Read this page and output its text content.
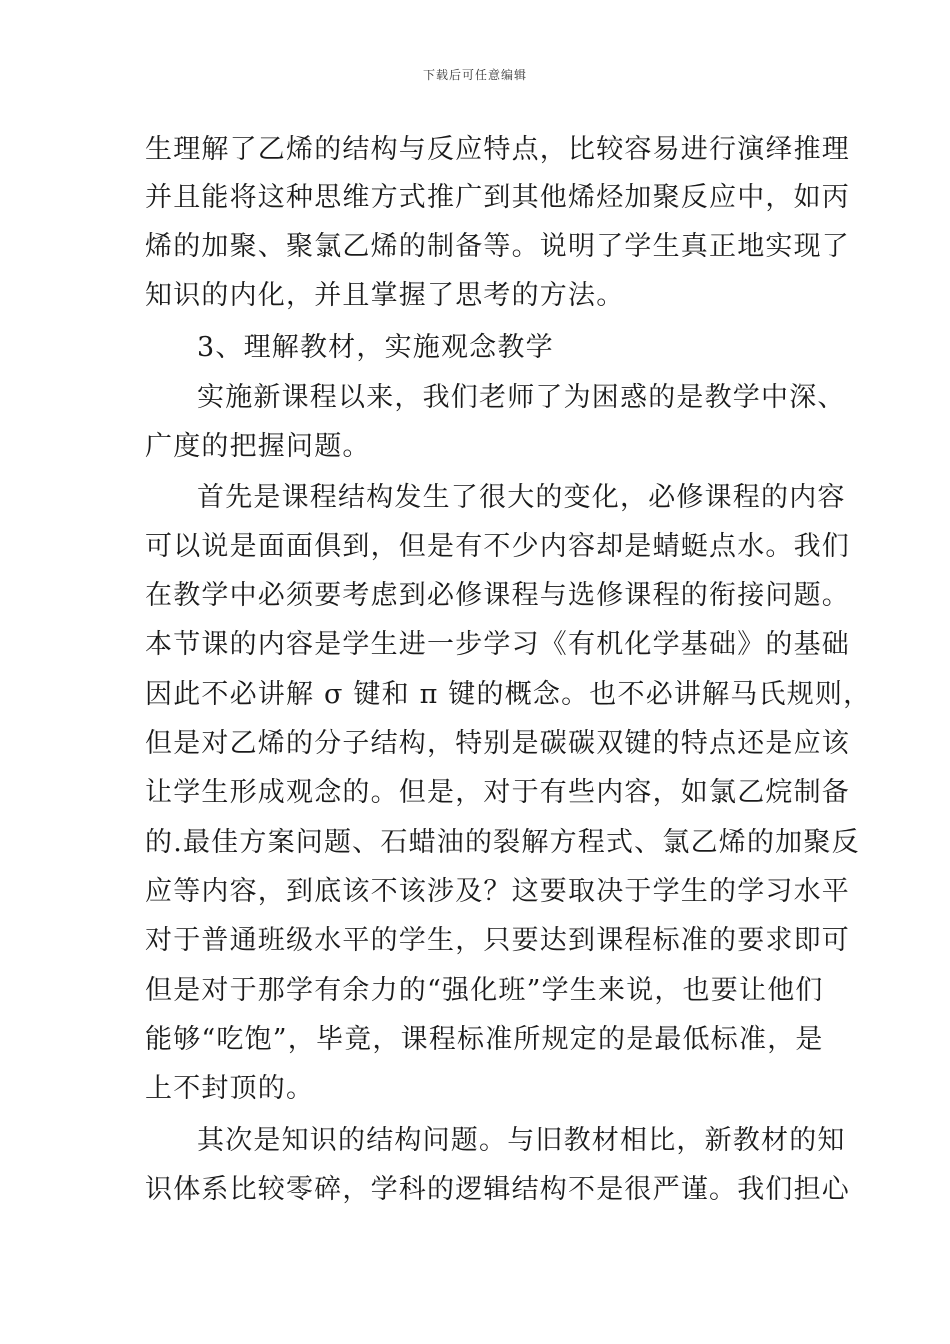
下载后可任意编辑
生理解了乙烯的结构与反应特点，比较容易进行演绎推理
并且能将这种思维方式推广到其他烯烃加聚反应中，如丙
烯的加聚、聚氯乙烯的制备等。说明了学生真正地实现了
知识的内化，并且掌握了思考的方法。
3、理解教材，实施观念教学
实施新课程以来，我们老师了为困惑的是教学中深、
广度的把握问题。
首先是课程结构发生了很大的变化，必修课程的内容
可以说是面面俱到，但是有不少内容却是蜻蜓点水。我们
在教学中必须要考虑到必修课程与选修课程的衔接问题。
本节课的内容是学生进一步学习《有机化学基础》的基础
因此不必讲解 σ 键和 π 键的概念。也不必讲解马氏规则，
但是对乙烯的分子结构，特别是碳碳双键的特点还是应该
让学生形成观念的。但是，对于有些内容，如氯乙烷制备
的.最佳方案问题、石蜡油的裂解方程式、氯乙烯的加聚反
应等内容，到底该不该涉及？这要取决于学生的学习水平
对于普通班级水平的学生，只要达到课程标准的要求即可
但是对于那学有余力的“强化班”学生来说，也要让他们
能够“吃饱”，毕竟，课程标准所规定的是最低标准，是
上不封顶的。
其次是知识的结构问题。与旧教材相比，新教材的知
识体系比较零碎，学科的逻辑结构不是很严谨。我们担心
